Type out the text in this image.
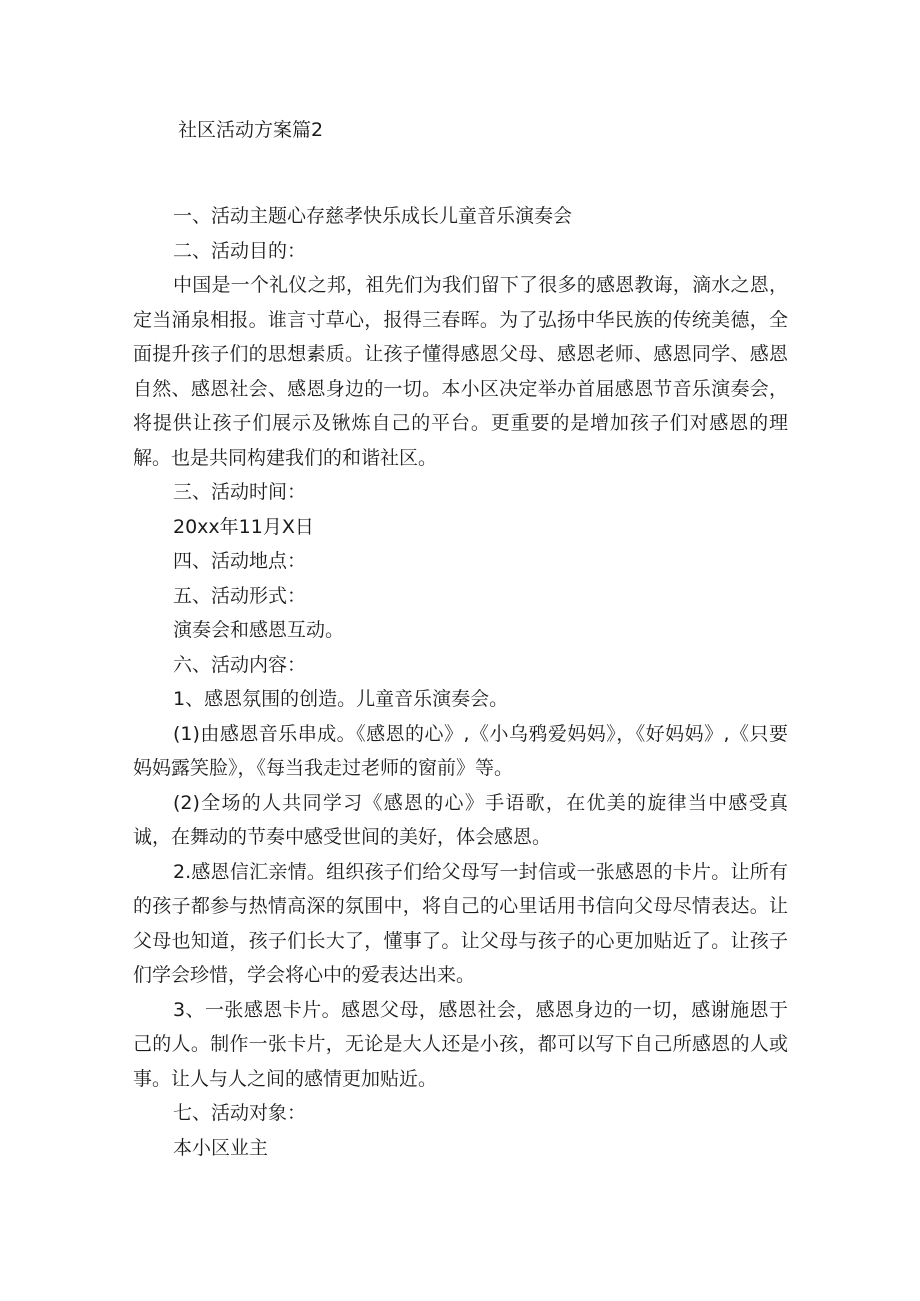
社区活动方案篇2

一、活动主题心存慈孝快乐成长儿童音乐演奏会

二、活动目的：

中国是一个礼仪之邦，祖先们为我们留下了很多的感恩教诲，滴水之恩，定当涌泉相报。谁言寸草心，报得三春晖。为了弘扬中华民族的传统美德，全面提升孩子们的思想素质。让孩子懂得感恩父母、感恩老师、感恩同学、感恩自然、感恩社会、感恩身边的一切。本小区决定举办首届感恩节音乐演奏会，将提供让孩子们展示及锹炼自己的平台。更重要的是增加孩子们对感恩的理解。也是共同构建我们的和谐社区。

三、活动时间：

20xx年11月X日

四、活动地点：

五、活动形式：

演奏会和感恩互动。

六、活动内容：

1、感恩氛围的创造。儿童音乐演奏会。

(1)由感恩音乐串成。《感恩的心》,《小乌鸦爱妈妈》，《好妈妈》,《只要妈妈露笑脸》，《每当我走过老师的窗前》等。

(2)全场的人共同学习《感恩的心》手语歌，在优美的旋律当中感受真诚，在舞动的节奏中感受世间的美好，体会感恩。

2.感恩信汇亲情。组织孩子们给父母写一封信或一张感恩的卡片。让所有的孩子都参与热情高深的氛围中，将自己的心里话用书信向父母尽情表达。让父母也知道，孩子们长大了，懂事了。让父母与孩子的心更加贴近了。让孩子们学会珍惜，学会将心中的爱表达出来。

3、一张感恩卡片。感恩父母，感恩社会，感恩身边的一切，感谢施恩于己的人。制作一张卡片，无论是大人还是小孩，都可以写下自己所感恩的人或事。让人与人之间的感情更加贴近。

七、活动对象：

本小区业主
